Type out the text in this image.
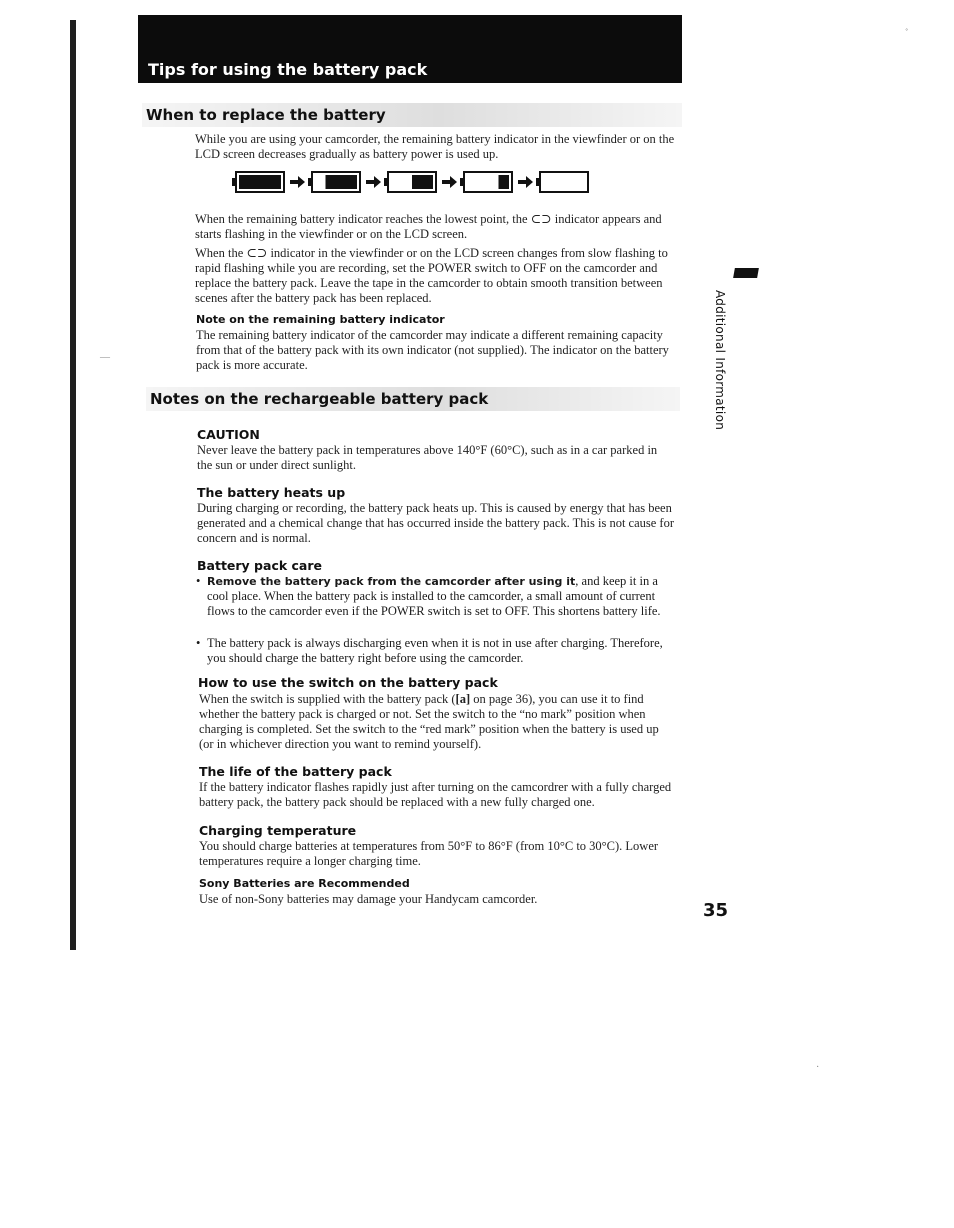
Tips for using the battery pack
When to replace the battery

While you are using your camcorder, the remaining battery indicator in the viewfinder or on the LCD screen decreases gradually as battery power is used up.

When the remaining battery indicator reaches the lowest point, the ⊂⊃ indicator appears and starts flashing in the viewfinder or on the LCD screen.

When the ⊂⊃ indicator in the viewfinder or on the LCD screen changes from slow flashing to rapid flashing while you are recording, set the POWER switch to OFF on the camcorder and replace the battery pack. Leave the tape in the camcorder to obtain smooth transition between scenes after the battery pack has been replaced.

Note on the remaining battery indicator

The remaining battery indicator of the camcorder may indicate a different remaining capacity from that of the battery pack with its own indicator (not supplied). The indicator on the battery pack is more accurate.

Notes on the rechargeable battery pack

CAUTION

Never leave the battery pack in temperatures above 140°F (60°C), such as in a car parked in the sun or under direct sunlight.

The battery heats up

During charging or recording, the battery pack heats up. This is caused by energy that has been generated and a chemical change that has occurred inside the battery pack. This is not cause for concern and is normal.

Battery pack care

• Remove the battery pack from the camcorder after using it, and keep it in a cool place. When the battery pack is installed to the camcorder, a small amount of current flows to the camcorder even if the POWER switch is set to OFF. This shortens battery life.
• The battery pack is always discharging even when it is not in use after charging. Therefore, you should charge the battery right before using the camcorder.

How to use the switch on the battery pack

When the switch is supplied with the battery pack ([a] on page 36), you can use it to find whether the battery pack is charged or not. Set the switch to the “no mark” position when charging is completed. Set the switch to the “red mark” position when the battery is used up (or in whichever direction you want to remind yourself).

The life of the battery pack

If the battery indicator flashes rapidly just after turning on the camcordrer with a fully charged battery pack, the battery pack should be replaced with a new fully charged one.

Charging temperature

You should charge batteries at temperatures from 50°F to 86°F (from 10°C to 30°C). Lower temperatures require a longer charging time.

Sony Batteries are Recommended

Use of non-Sony batteries may damage your Handycam camcorder.

Additional Information
35
˚
—
·
